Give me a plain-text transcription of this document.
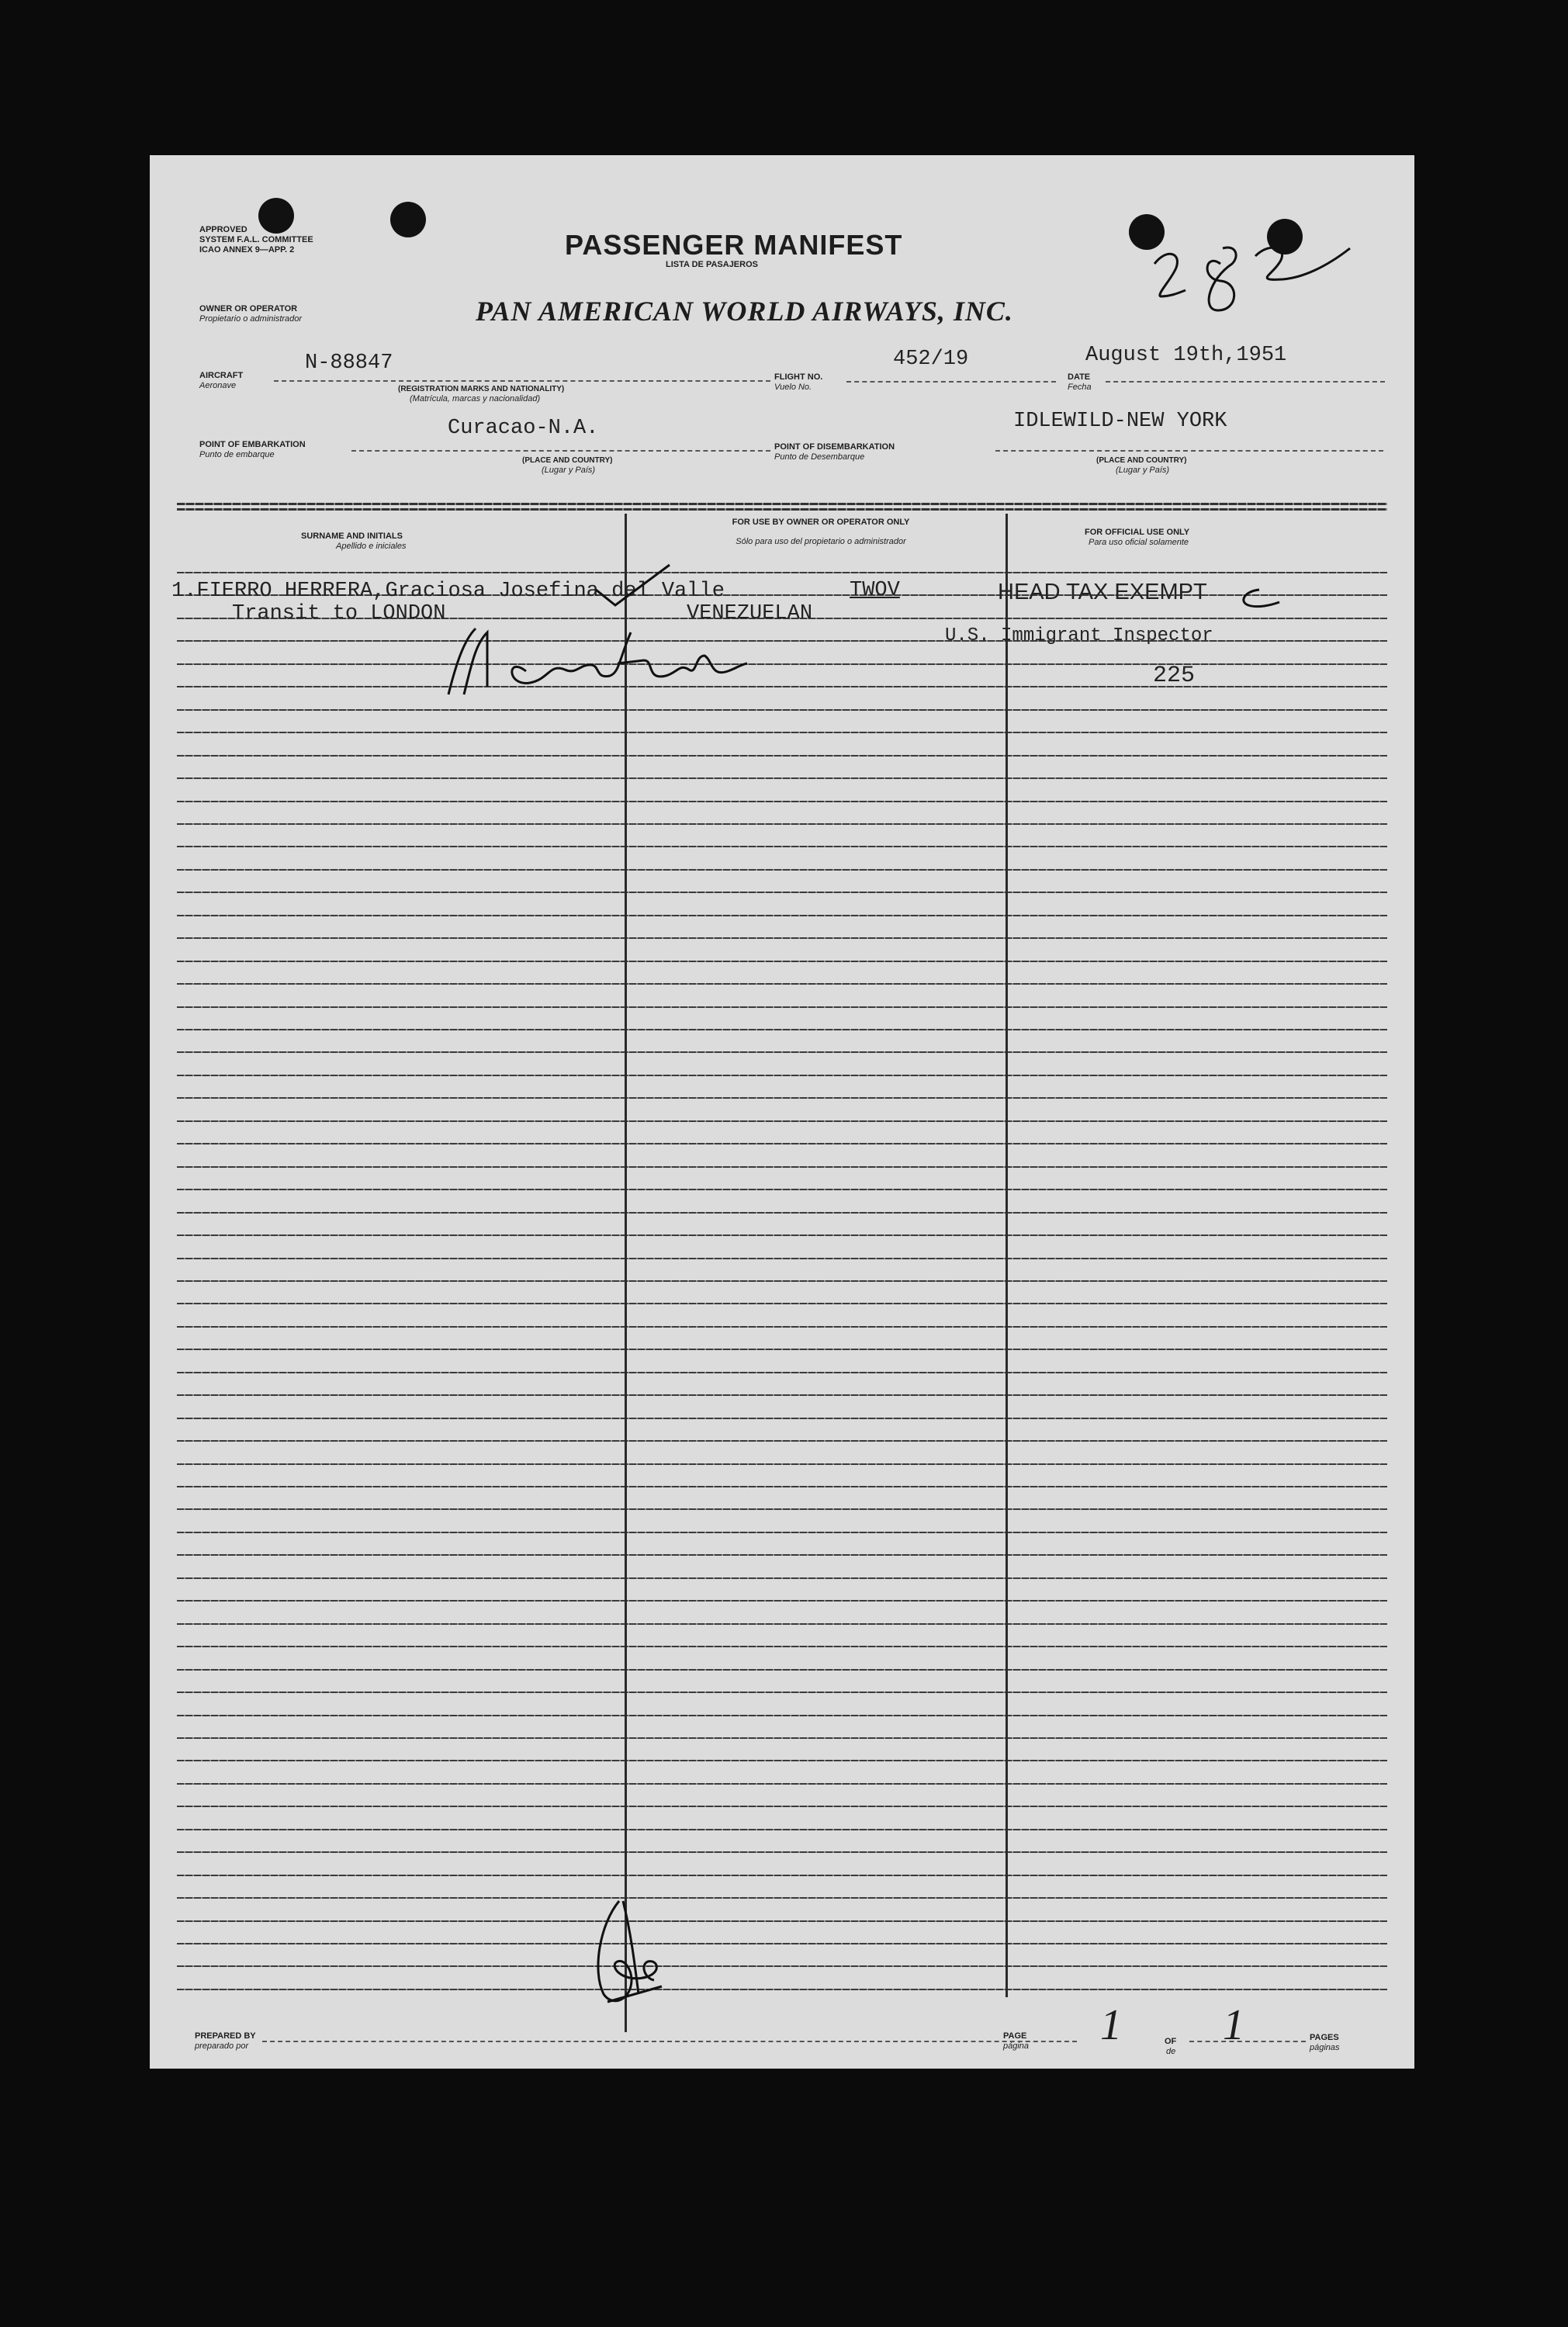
APPROVED
SYSTEM F.A.L. COMMITTEE
ICAO ANNEX 9—APP. 2	PASSENGER MANIFEST
LISTA DE PASAJEROS
OWNER OR OPERATOR
Propietario o administrador	PAN AMERICAN WORLD AIRWAYS, INC.
AIRCRAFT
Aeronave
N-88847
(REGISTRATION MARKS AND NATIONALITY)
(Matrícula, marcas y nacionalidad)
FLIGHT NO.
Vuelo No.
452/19
DATE
Fecha
August 19th,1951
POINT OF EMBARKATION
Punto de embarque
Curacao-N.A.
(PLACE AND COUNTRY)
(Lugar y País)
POINT OF DISEMBARKATION
Punto de Desembarque
IDLEWILD-NEW YORK
(PLACE AND COUNTRY)
(Lugar y País)
SURNAME AND INITIALS
Apellido e iniciales
FOR USE BY OWNER OR OPERATOR ONLY
Sólo para uso del propietario o administrador
FOR OFFICIAL USE ONLY
Para uso oficial solamente
1.FIERRO HERRERA,Graciosa Josefina del Valle	TWOV
Transit to LONDON	VENEZUELAN
HEAD TAX EXEMPT
U.S. Immigrant Inspector
225
PREPARED BY
preparado por
PAGE
página 1	OF
de
1	PAGES
páginas
